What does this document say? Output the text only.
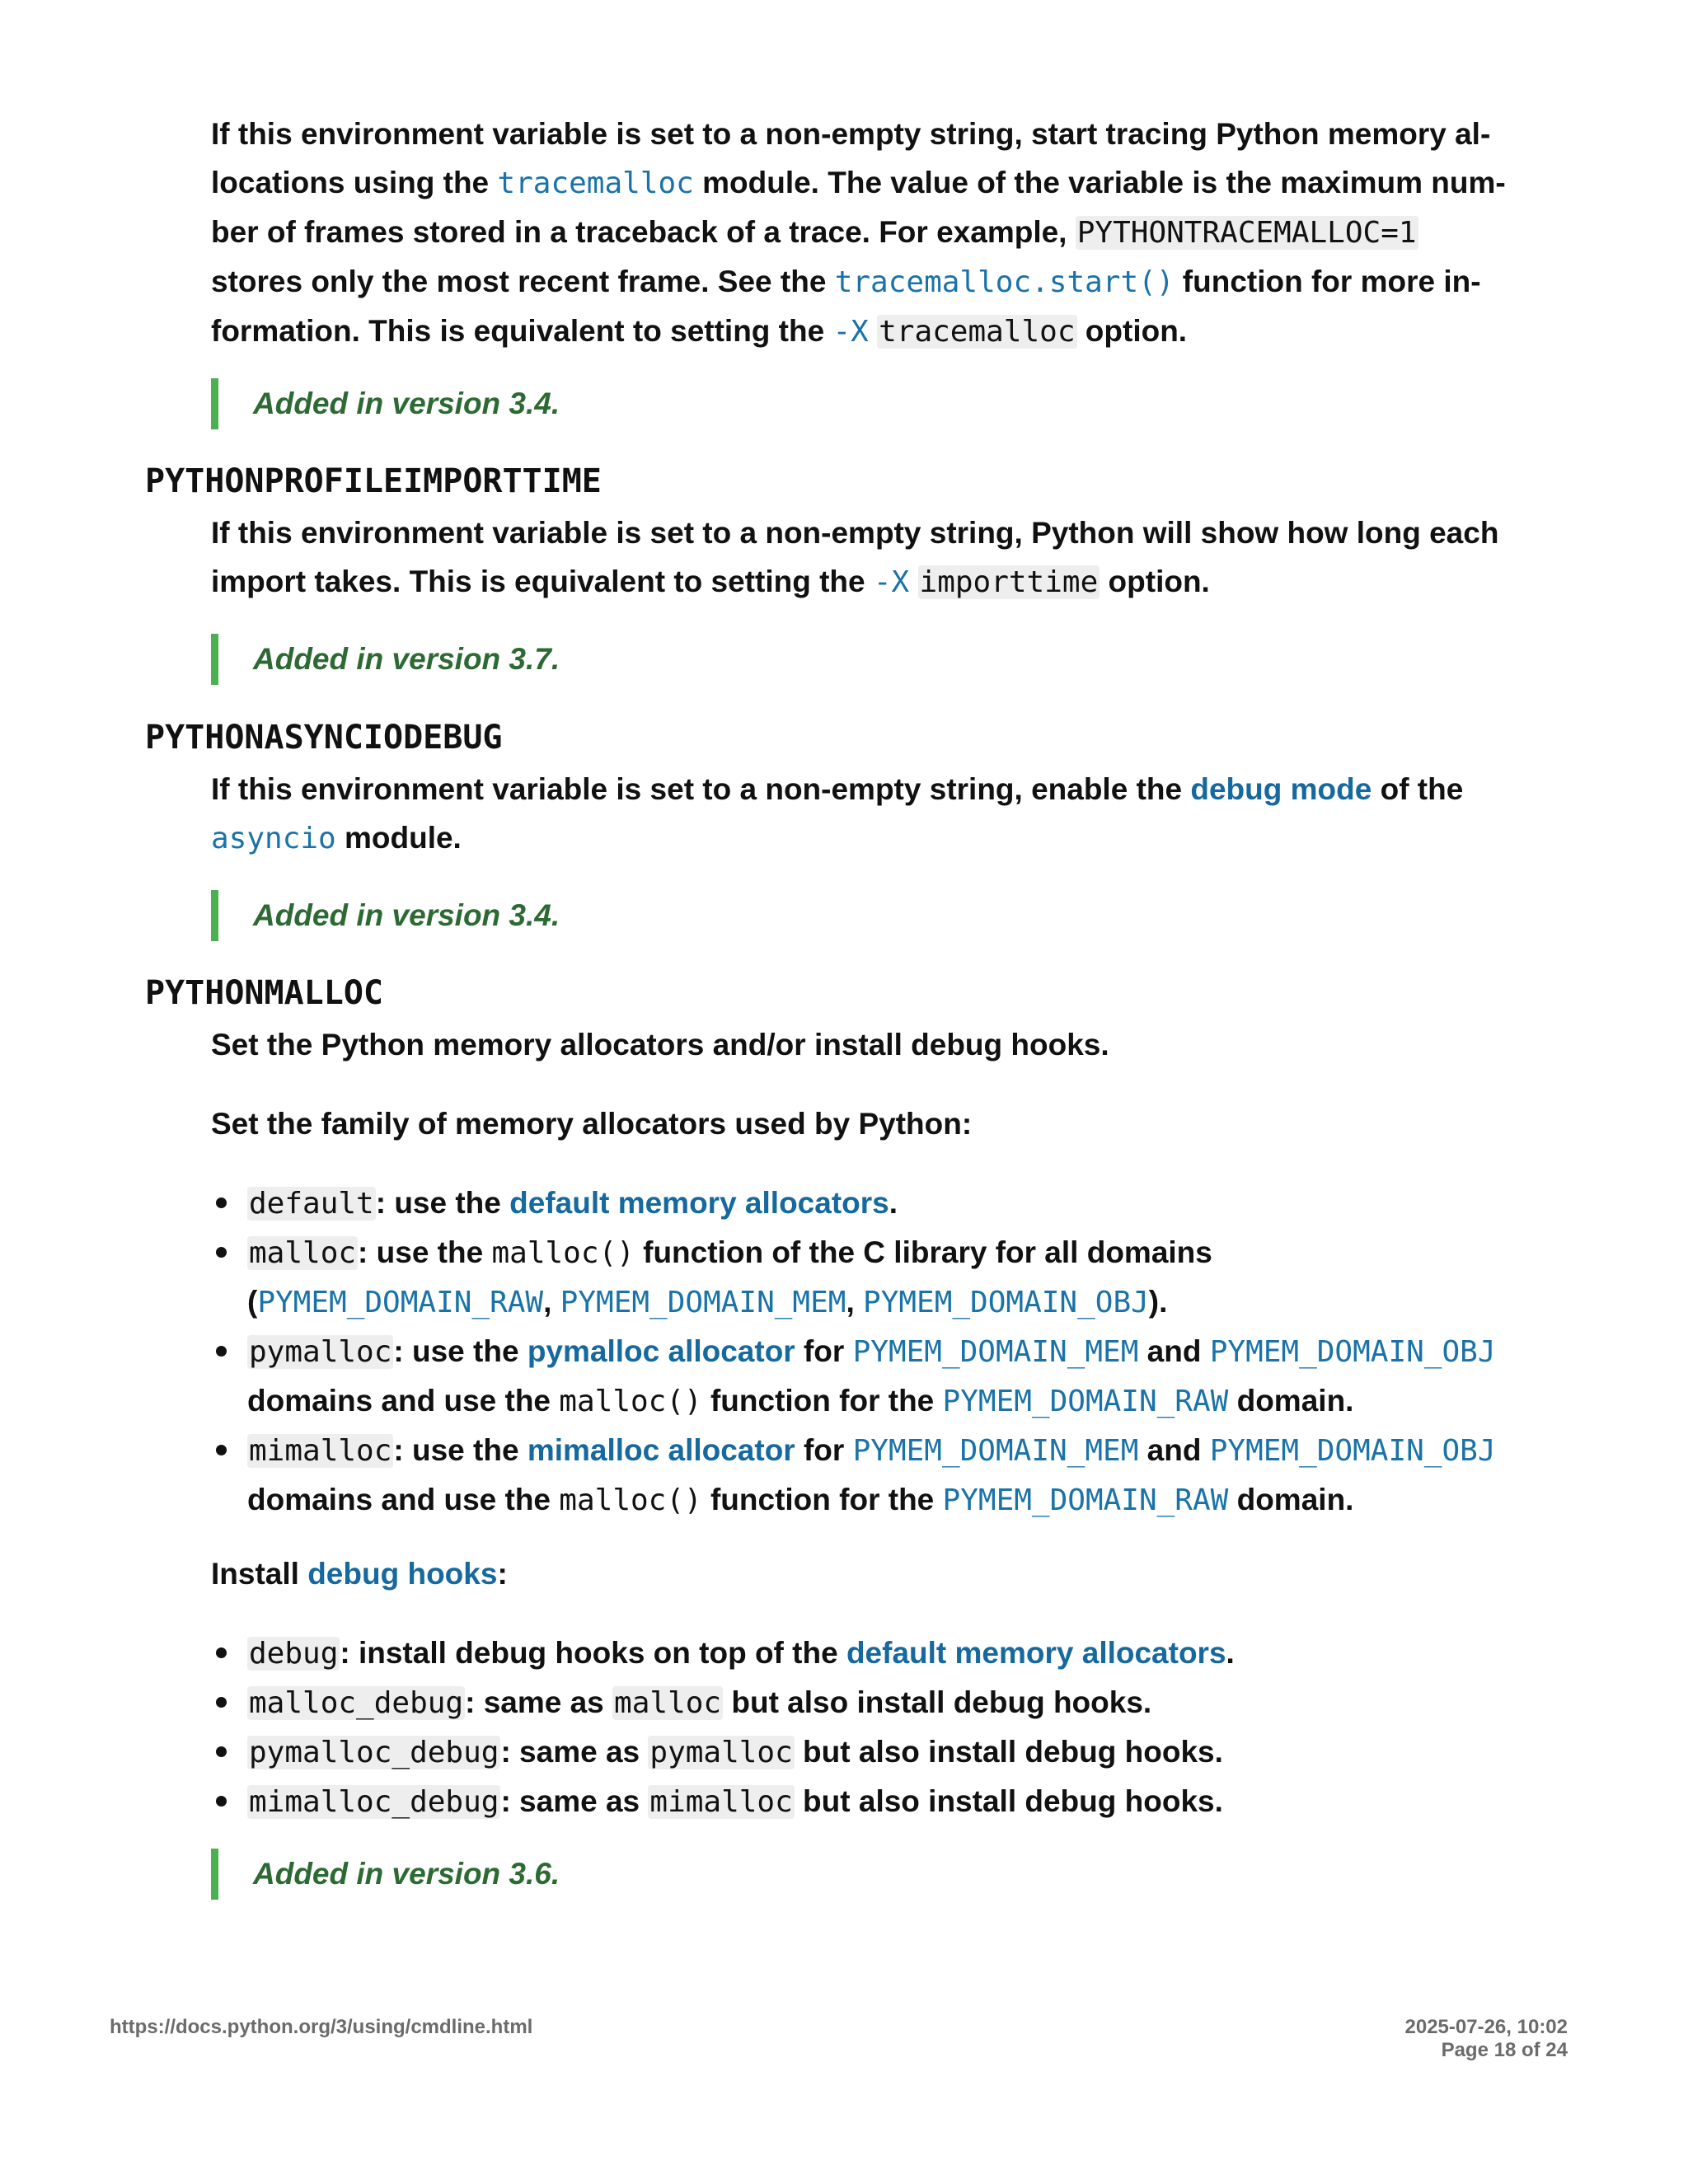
If this environment variable is set to a non-empty string, start tracing Python memory al-
locations using the tracemalloc module. The value of the variable is the maximum num-
ber of frames stored in a traceback of a trace. For example, PYTHONTRACEMALLOC=1
stores only the most recent frame. See the tracemalloc.start() function for more in-
formation. This is equivalent to setting the -X tracemalloc option.

Added in version 3.4.
PYTHONPROFILEIMPORTTIME

If this environment variable is set to a non-empty string, Python will show how long each
import takes. This is equivalent to setting the -X importtime option.

Added in version 3.7.
PYTHONASYNCIODEBUG

If this environment variable is set to a non-empty string, enable the debug mode of the
asyncio module.

Added in version 3.4.
PYTHONMALLOC

Set the Python memory allocators and/or install debug hooks.

Set the family of memory allocators used by Python:

default: use the default memory allocators.
malloc: use the malloc() function of the C library for all domains
(PYMEM_DOMAIN_RAW, PYMEM_DOMAIN_MEM, PYMEM_DOMAIN_OBJ).
pymalloc: use the pymalloc allocator for PYMEM_DOMAIN_MEM and PYMEM_DOMAIN_OBJ
domains and use the malloc() function for the PYMEM_DOMAIN_RAW domain.
mimalloc: use the mimalloc allocator for PYMEM_DOMAIN_MEM and PYMEM_DOMAIN_OBJ
domains and use the malloc() function for the PYMEM_DOMAIN_RAW domain.

Install debug hooks:

debug: install debug hooks on top of the default memory allocators.
malloc_debug: same as malloc but also install debug hooks.
pymalloc_debug: same as pymalloc but also install debug hooks.
mimalloc_debug: same as mimalloc but also install debug hooks.
Added in version 3.6.
https://docs.python.org/3/using/cmdline.html	2025-07-26, 10:02
Page 18 of 24
